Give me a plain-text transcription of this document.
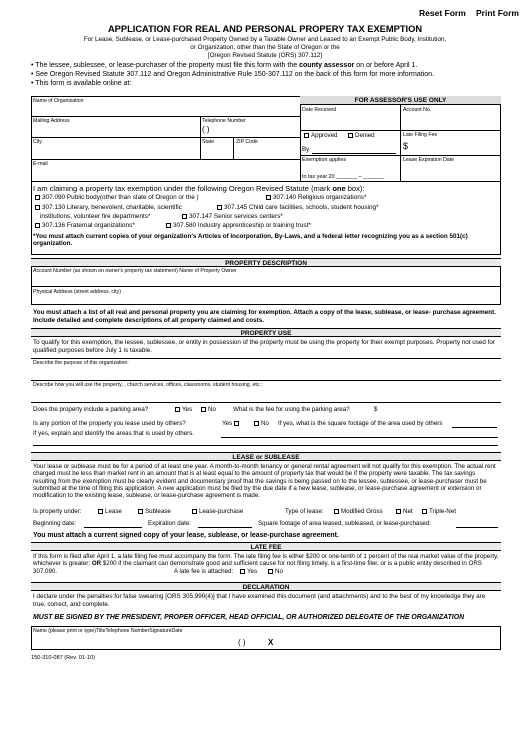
Reset Form Print Form
APPLICATION FOR REAL AND PERSONAL PROPERY TAX EXEMPTION
For Lease, Sublease, or Lease-purchased Property Owned by a Taxable Owner and Leased to an Exempt Public Body, Institution,
or Organization, other than the State of Oregon or the
[Oregon Revised Statute (ORS) 307.112]
• The lessee, sublessee, or lease-purchaser of the property must file this form with the county assessor on or before April 1.
• See Oregon Revised Statute 307.112 and Oregon Administrative Rule 150-307.112 on the back of this form for more information.
• This form is available online at:
Name of Organization
Mailing Address	Telephone Number
( )
City	State	ZIP Code
E-mail
FOR ASSESSOR'S USE ONLY
Date Received	Account No.
Approved	Denied
By
Late Filing Fee
$
Exemption applies
to tax year 20 _______ – _______
Lease Expiration Date
I am claiming a property tax exemption under the following Oregon Revised Statute (mark one box):
307.090 Public body(other than state of Oregon or the )	307.140 Religious organizations*
307.130 Literary, benevolent, charitable, scientific	307.145 Child care facilities, schools, student housing*
institutions, volunteer fire departments*	307.147 Senior services centers*
307.136 Fraternal organizations*	307.580 Industry apprenticeship or training trust*
*You must attach current copies of your organization's Articles of Incorporation, By-Laws, and a federal letter recognizing you as a section 501(c) organization.
PROPERTY DESCRIPTION
Account Number (as shown on owner's property tax statement) Name of Property Owner
Physical Address (street address, city)
You must attach a list of all real and personal property you are claiming for exemption. Attach a copy of the lease, sublease, or lease- purchase agreement. Include detailed and complete descriptions of all property claimed and costs.
PROPERTY USE
To qualify for this exemption, the lessee, sublessee, or entity in possession of the property must be using the property for their exempt purposes. Property not used for qualified purposes before July 1 is taxable.
Describe the purpose of this organization:
Describe how you will use the property, , church services, offices, classrooms, student housing, etc.:
Does the property include a parking area?	Yes	No	What is the fee for using the parking area?	$
Is any portion of the property you lease used by others?	Yes	No If yes, what is the square footage of the area used by others
If yes, explain and identify the areas that is used by others.
LEASE or SUBLEASE
Your lease or sublease must be for a period of at least one year. A month-to-month tenancy or general rental agreement will not qualify for this exemption. The actual rent charged must be less than market rent in an amount that is at least equal to the amount of property tax that would be if the property were taxable. The tax savings resulting from the exemption must be clearly evident and documentary proof that the savings is being passed on to the lessee, sublessee, or lease-purchaser must be submitted at the time of filing this application. A new application must be filed by the due date if a new lease, sublease, or lease-purchase agreement or extension or modification to the existing lease, sublease, or lease-purchase agreement is made.
Is property under:	Lease	Sublease	Lease-purchase	Type of lease:	Modified Gross	Net	Triple-Net
Beginning date:	Expiration date:	Square footage of area leased, subleased, or lease-purchased:
You must attach a current signed copy of your lease, sublease, or lease-purchase agreement.
LATE FEE
If this form is filed after April 1, a late filing fee must accompany the form. The late filing fee is either $200 or one-tenth of 1 percent of the real market value of the property, whichever is greater; OR $200 if the claimant can demonstrate good and sufficient cause for not filing timely, is a first-time filer, or is a public entity described in ORS 307.090.	A late fee is attached:	Yes	No
DECLARATION
I declare under the penalties for false swearing [ORS 305.990(4)] that I have examined this document (and attachments) and to the best of my knowledge they are true, correct, and complete.
MUST BE SIGNED BY THE PRESIDENT, PROPER OFFICER, HEAD OFFICIAL, OR AUTHORIZED DELEGATE OF THE ORGANIZATION
Name (please print or type)TitleTelephone NumberSignatureDate
( )	X
150-310-087 (Rev. 01-10)
